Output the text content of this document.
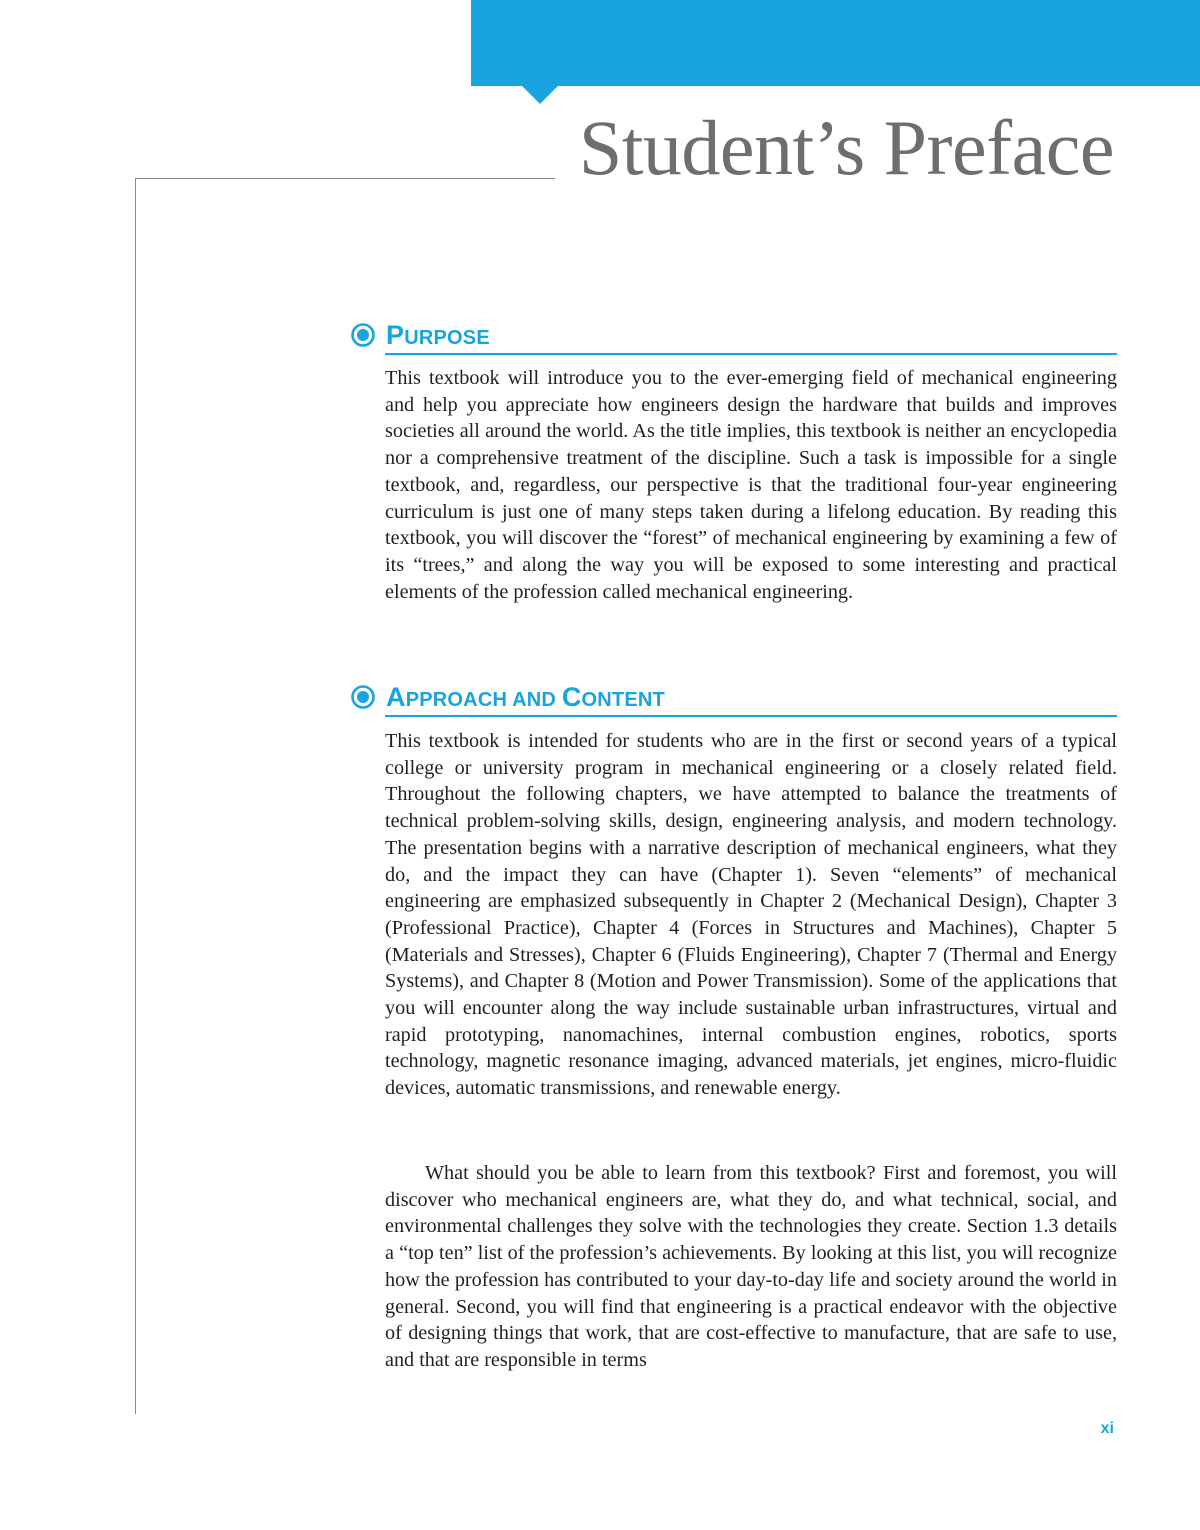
Student’s Preface
PURPOSE

This textbook will introduce you to the ever-emerging field of mechanical engineering and help you appreciate how engineers design the hardware that builds and improves societies all around the world. As the title implies, this textbook is neither an encyclopedia nor a comprehensive treatment of the discipline. Such a task is impossible for a single textbook, and, regardless, our perspective is that the traditional four-year engineering curriculum is just one of many steps taken during a lifelong education. By reading this textbook, you will discover the “forest” of mechanical engineering by examining a few of its “trees,” and along the way you will be exposed to some interesting and practical elements of the profession called mechanical engineering.

APPROACH AND CONTENT

This textbook is intended for students who are in the first or second years of a typical college or university program in mechanical engineering or a closely related field. Throughout the following chapters, we have attempted to balance the treatments of technical problem-solving skills, design, engineering analysis, and modern technology. The presentation begins with a narrative description of mechanical engineers, what they do, and the impact they can have (Chapter 1). Seven “elements” of mechanical engineering are emphasized subsequently in Chapter 2 (Mechanical Design), Chapter 3 (Professional Practice), Chapter 4 (Forces in Structures and Machines), Chapter 5 (Materials and Stresses), Chapter 6 (Fluids Engineering), Chapter 7 (Thermal and Energy Systems), and Chapter 8 (Motion and Power Transmission). Some of the applications that you will encounter along the way include sustainable urban infrastructures, virtual and rapid prototyping, nanomachines, internal combustion engines, robotics, sports technology, magnetic resonance imaging, advanced materials, jet engines, micro-fluidic devices, automatic transmissions, and renewable energy.

What should you be able to learn from this textbook? First and foremost, you will discover who mechanical engineers are, what they do, and what technical, social, and environmental challenges they solve with the technologies they create. Section 1.3 details a “top ten” list of the profession’s achievements. By looking at this list, you will recognize how the profession has contributed to your day-to-day life and society around the world in general. Second, you will find that engineering is a practical endeavor with the objective of designing things that work, that are cost-effective to manufacture, that are safe to use, and that are responsible in terms

xi
